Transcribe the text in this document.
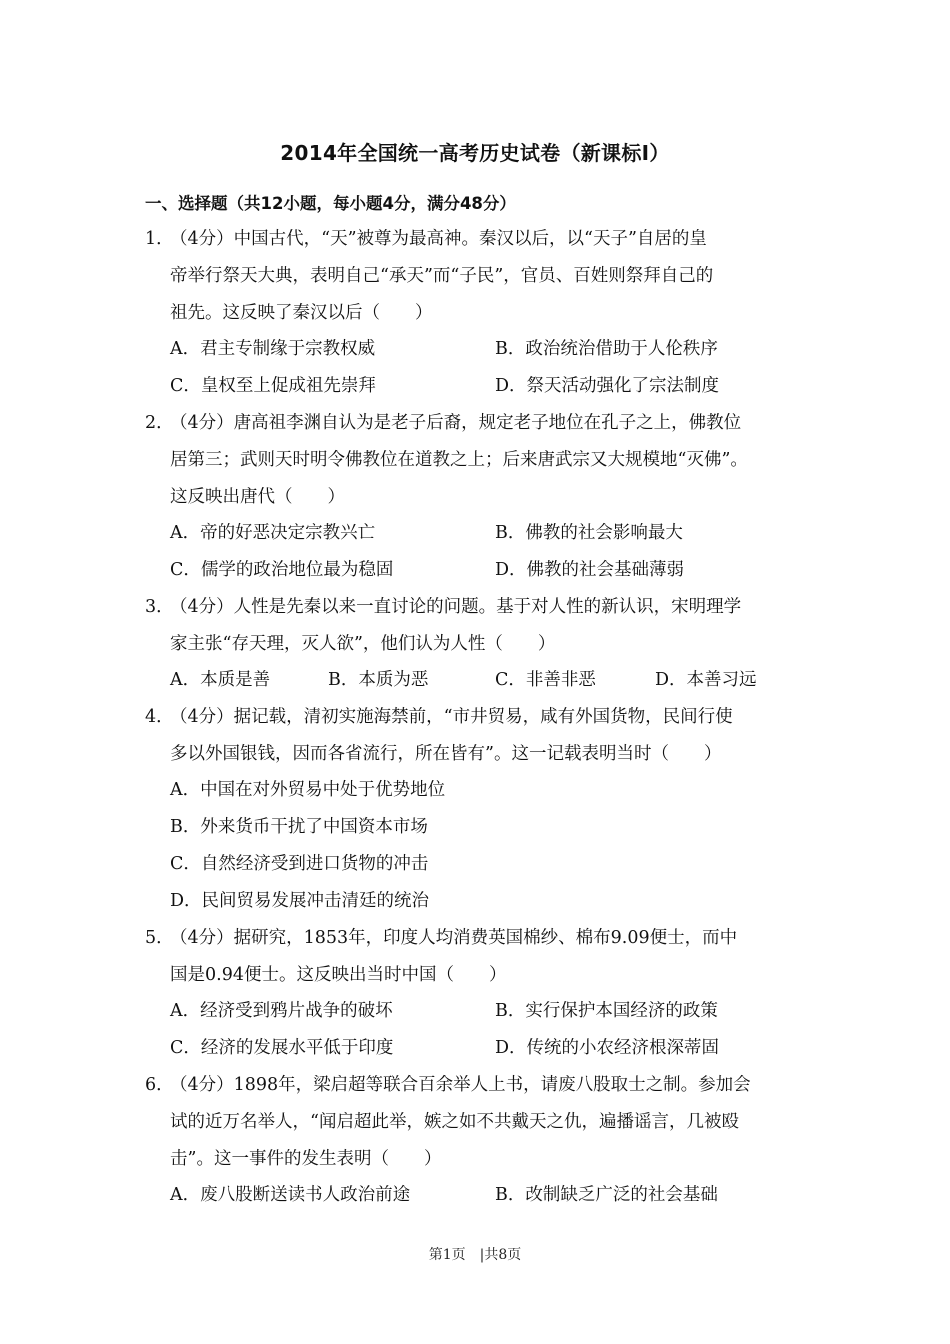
2014年全国统一高考历史试卷（新课标Ⅰ）
一、选择题（共12小题，每小题4分，满分48分）
1．
（4分）中国古代，“天”被尊为最高神。秦汉以后，以“天子”自居的皇
帝举行祭天大典，表明自己“承天”而“子民”，官员、百姓则祭拜自己的
祖先。这反映了秦汉以后（　　）
A．君主专制缘于宗教权威	B．政治统治借助于人伦秩序
C．皇权至上促成祖先崇拜	D．祭天活动强化了宗法制度
2．
（4分）唐高祖李渊自认为是老子后裔，规定老子地位在孔子之上，佛教位
居第三；武则天时明令佛教位在道教之上；后来唐武宗又大规模地“灭佛”。
这反映出唐代（　　）
A．帝的好恶决定宗教兴亡	B．佛教的社会影响最大
C．儒学的政治地位最为稳固	D．佛教的社会基础薄弱
3．
（4分）人性是先秦以来一直讨论的问题。基于对人性的新认识，宋明理学
家主张“存天理，灭人欲”，他们认为人性（　　）
A．本质是善	B．本质为恶	C．非善非恶	D．本善习远
4．
（4分）据记载，清初实施海禁前，“市井贸易，咸有外国货物，民间行使
多以外国银钱，因而各省流行，所在皆有”。这一记载表明当时（　　）
A．中国在对外贸易中处于优势地位
B．外来货币干扰了中国资本市场
C．自然经济受到进口货物的冲击
D．民间贸易发展冲击清廷的统治
5．
（4分）据研究，1853年，印度人均消费英国棉纱、棉布9.09便士，而中
国是0.94便士。这反映出当时中国（　　）
A．经济受到鸦片战争的破坏	B．实行保护本国经济的政策
C．经济的发展水平低于印度	D．传统的小农经济根深蒂固
6．
（4分）1898年，梁启超等联合百余举人上书，请废八股取士之制。参加会
试的近万名举人，“闻启超此举，嫉之如不共戴天之仇，遍播谣言，几被殴
击”。这一事件的发生表明（　　）
A．废八股断送读书人政治前途	B．改制缺乏广泛的社会基础
第1页　|共8页
